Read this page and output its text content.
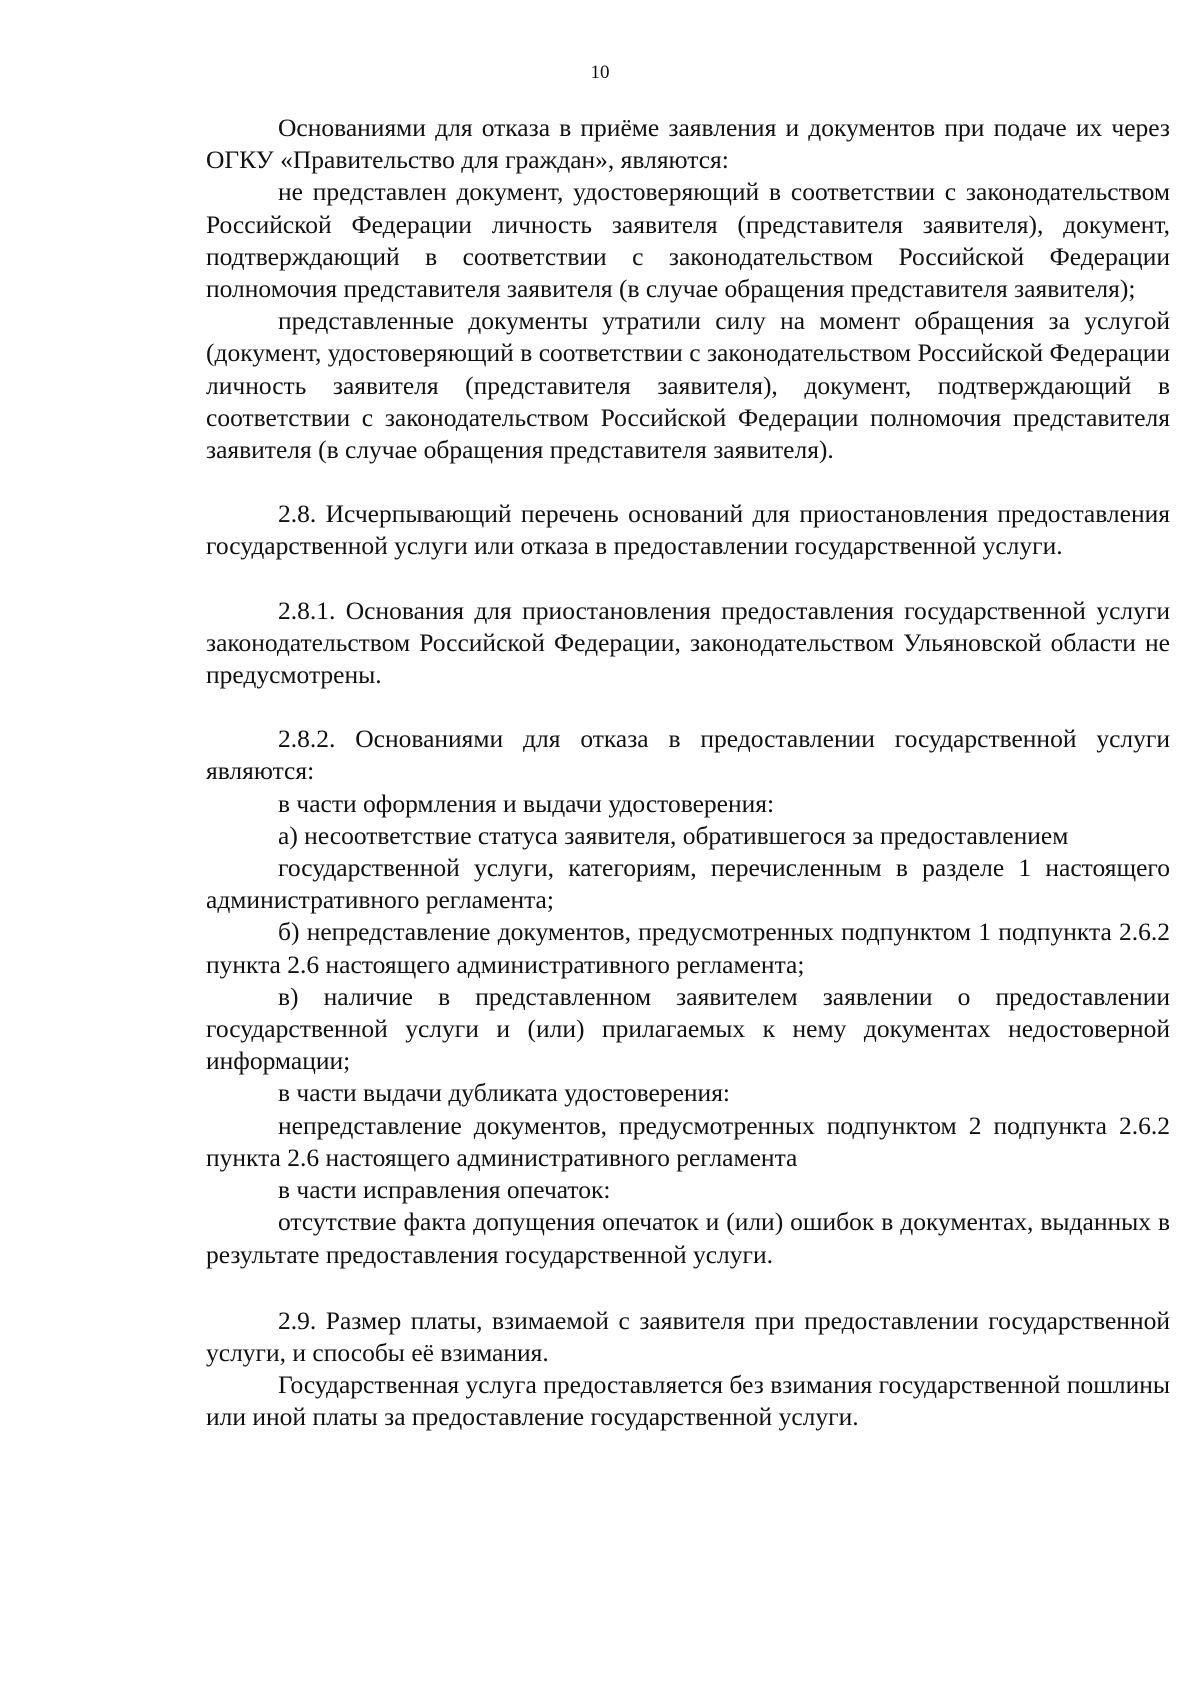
10

Основаниями для отказа в приёме заявления и документов при подаче их через ОГКУ «Правительство для граждан», являются:

не представлен документ, удостоверяющий в соответствии с законодательством Российской Федерации личность заявителя (представителя заявителя), документ, подтверждающий в соответствии с законодательством Российской Федерации полномочия представителя заявителя (в случае обращения представителя заявителя);

представленные документы утратили силу на момент обращения за услугой (документ, удостоверяющий в соответствии с законодательством Российской Федерации личность заявителя (представителя заявителя), документ, подтверждающий в соответствии с законодательством Российской Федерации полномочия представителя заявителя (в случае обращения представителя заявителя).

2.8. Исчерпывающий перечень оснований для приостановления предоставления государственной услуги или отказа в предоставлении государственной услуги.

2.8.1. Основания для приостановления предоставления государственной услуги законодательством Российской Федерации, законодательством Ульяновской области не предусмотрены.

2.8.2. Основаниями для отказа в предоставлении государственной услуги являются:

в части оформления и выдачи удостоверения:

а) несоответствие статуса заявителя, обратившегося за предоставлением

государственной услуги, категориям, перечисленным в разделе 1 настоящего административного регламента;

б) непредставление документов, предусмотренных подпунктом 1 подпункта 2.6.2 пункта 2.6 настоящего административного регламента;

в) наличие в представленном заявителем заявлении о предоставлении государственной услуги и (или) прилагаемых к нему документах недостоверной информации;

в части выдачи дубликата удостоверения:

непредставление документов, предусмотренных подпунктом 2 подпункта 2.6.2 пункта 2.6 настоящего административного регламента

в части исправления опечаток:

отсутствие факта допущения опечаток и (или) ошибок в документах, выданных в результате предоставления государственной услуги.

2.9. Размер платы, взимаемой с заявителя при предоставлении государственной услуги, и способы её взимания.

Государственная услуга предоставляется без взимания государственной пошлины или иной платы за предоставление государственной услуги.
